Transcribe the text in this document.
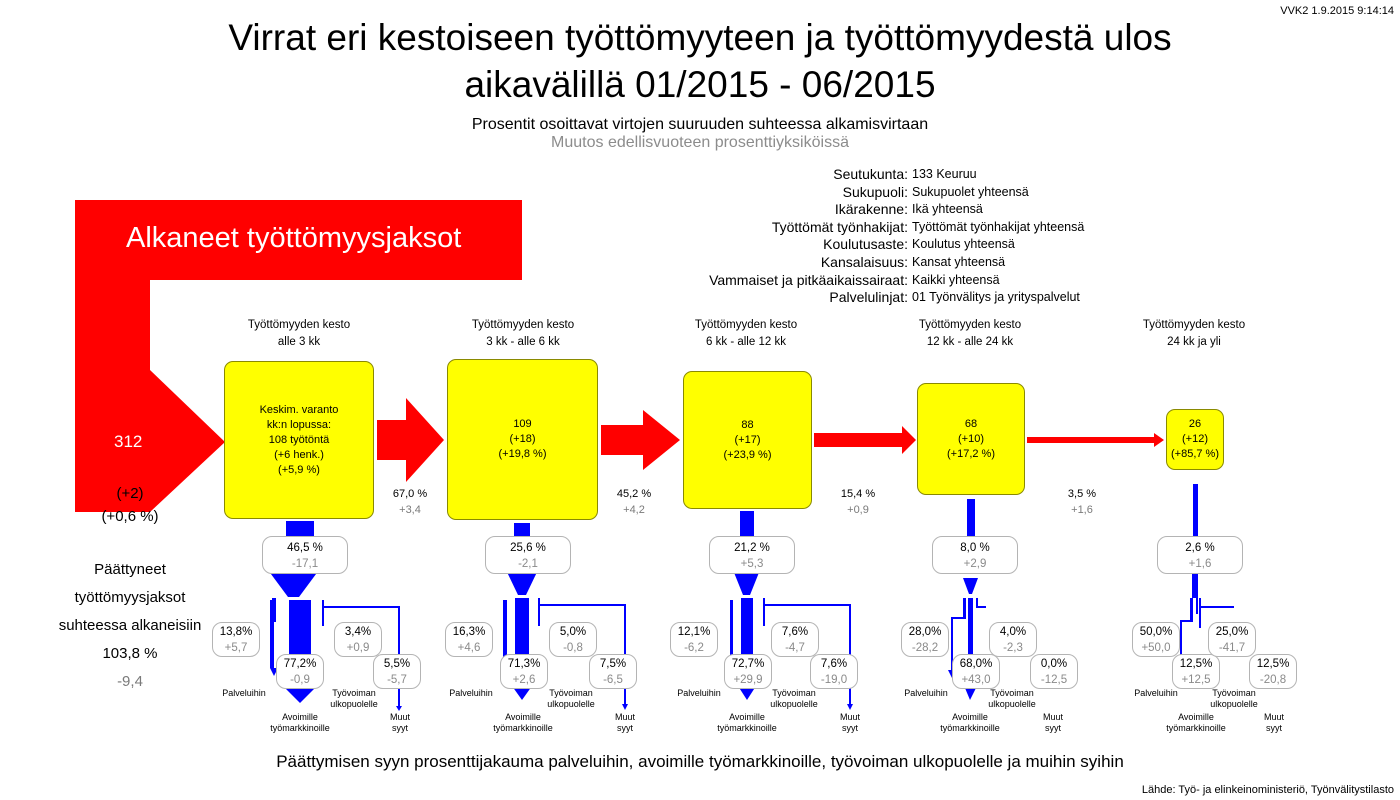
VVK2 1.9.2015 9:14:14
Virrat eri kestoiseen työttömyyteen ja työttömyydestä ulos
aikavälillä 01/2015 - 06/2015
Prosentit osoittavat virtojen suuruuden suhteessa alkamisvirtaan
Muutos edellisvuoteen prosenttiyksiköissä
Seutukunta: 133 Keuruu
Sukupuoli: Sukupuolet yhteensä
Ikärakenne: Ikä yhteensä
Työttömät työnhakijat: Työttömät työnhakijat yhteensä
Koulutusaste: Koulutus yhteensä
Kansalaisuus: Kansat yhteensä
Vammaiset ja pitkäaikaissairaat: Kaikki yhteensä
Palvelulinjat: 01 Työnvälitys ja yrityspalvelut
Alkaneet työttömyysjaksot
312
(+2)
(+0,6 %)
Päättyneet
työttömyysjaksot
suhteessa alkaneisiin
103,8 %
-9,4
Työttömyyden kesto
alle 3 kk
Työttömyyden kesto
3 kk - alle 6 kk
Työttömyyden kesto
6 kk - alle 12 kk
Työttömyyden kesto
12 kk - alle 24 kk
Työttömyyden kesto
24 kk ja yli
Keskim. varanto
kk:n lopussa:
108 työtöntä
(+6 henk.)
(+5,9 %)
109
(+18)
(+19,8 %)
88
(+17)
(+23,9 %)
68
(+10)
(+17,2 %)
26
(+12)
(+85,7 %)
67,0 %
+3,4
45,2 %
+4,2
15,4 %
+0,9
3,5 %
+1,6
46,5 %
-17,1
25,6 %
-2,1
21,2 %
+5,3
8,0 %
+2,9
2,6 %
+1,6
13,8%
+5,7
77,2%
-0,9
3,4%
+0,9
5,5%
-5,7
16,3%
+4,6
71,3%
+2,6
5,0%
-0,8
7,5%
-6,5
12,1%
-6,2
72,7%
+29,9
7,6%
-4,7
7,6%
-19,0
28,0%
-28,2
68,0%
+43,0
4,0%
-2,3
0,0%
-12,5
50,0%
+50,0
12,5%
+12,5
25,0%
-41,7
12,5%
-20,8
Palveluihin
Avoimille työmarkkinoille
Työvoiman ulkopuolelle
Muut syyt
Palveluihin
Avoimille työmarkkinoille
Työvoiman ulkopuolelle
Muut syyt
Palveluihin
Avoimille työmarkkinoille
Työvoiman ulkopuolelle
Muut syyt
Palveluihin
Avoimille työmarkkinoille
Työvoiman ulkopuolelle
Muut syyt
Palveluihin
Avoimille työmarkkinoille
Työvoiman ulkopuolelle
Muut syyt
Päättymisen syyn prosenttijakauma palveluihin, avoimille työmarkkinoille, työvoiman ulkopuolelle ja muihin syihin
Lähde: Työ- ja elinkeinoministeriö, Työnvälitystilasto
